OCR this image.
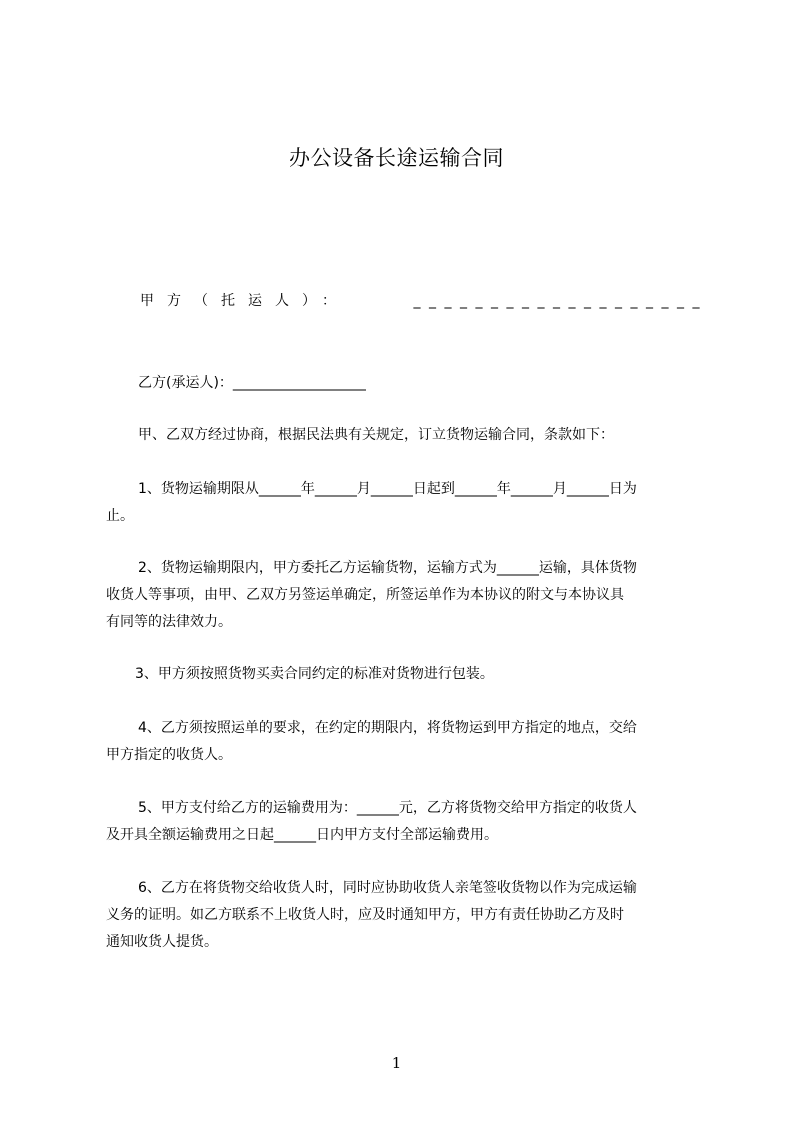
办公设备长途运输合同
甲方（托运人）：	___________________
乙方(承运人)：___________________
甲、乙双方经过协商，根据民法典有关规定，订立货物运输合同，条款如下：
1、货物运输期限从______年______月______日起到______年______月______日为
止。
2、货物运输期限内，甲方委托乙方运输货物，运输方式为______运输，具体货物
收货人等事项，由甲、乙双方另签运单确定，所签运单作为本协议的附文与本协议具
有同等的法律效力。
3、甲方须按照货物买卖合同约定的标准对货物进行包装。
4、乙方须按照运单的要求，在约定的期限内，将货物运到甲方指定的地点，交给
甲方指定的收货人。
5、甲方支付给乙方的运输费用为：______元，乙方将货物交给甲方指定的收货人
及开具全额运输费用之日起______日内甲方支付全部运输费用。
6、乙方在将货物交给收货人时，同时应协助收货人亲笔签收货物以作为完成运输
义务的证明。如乙方联系不上收货人时，应及时通知甲方，甲方有责任协助乙方及时
通知收货人提货。
1
